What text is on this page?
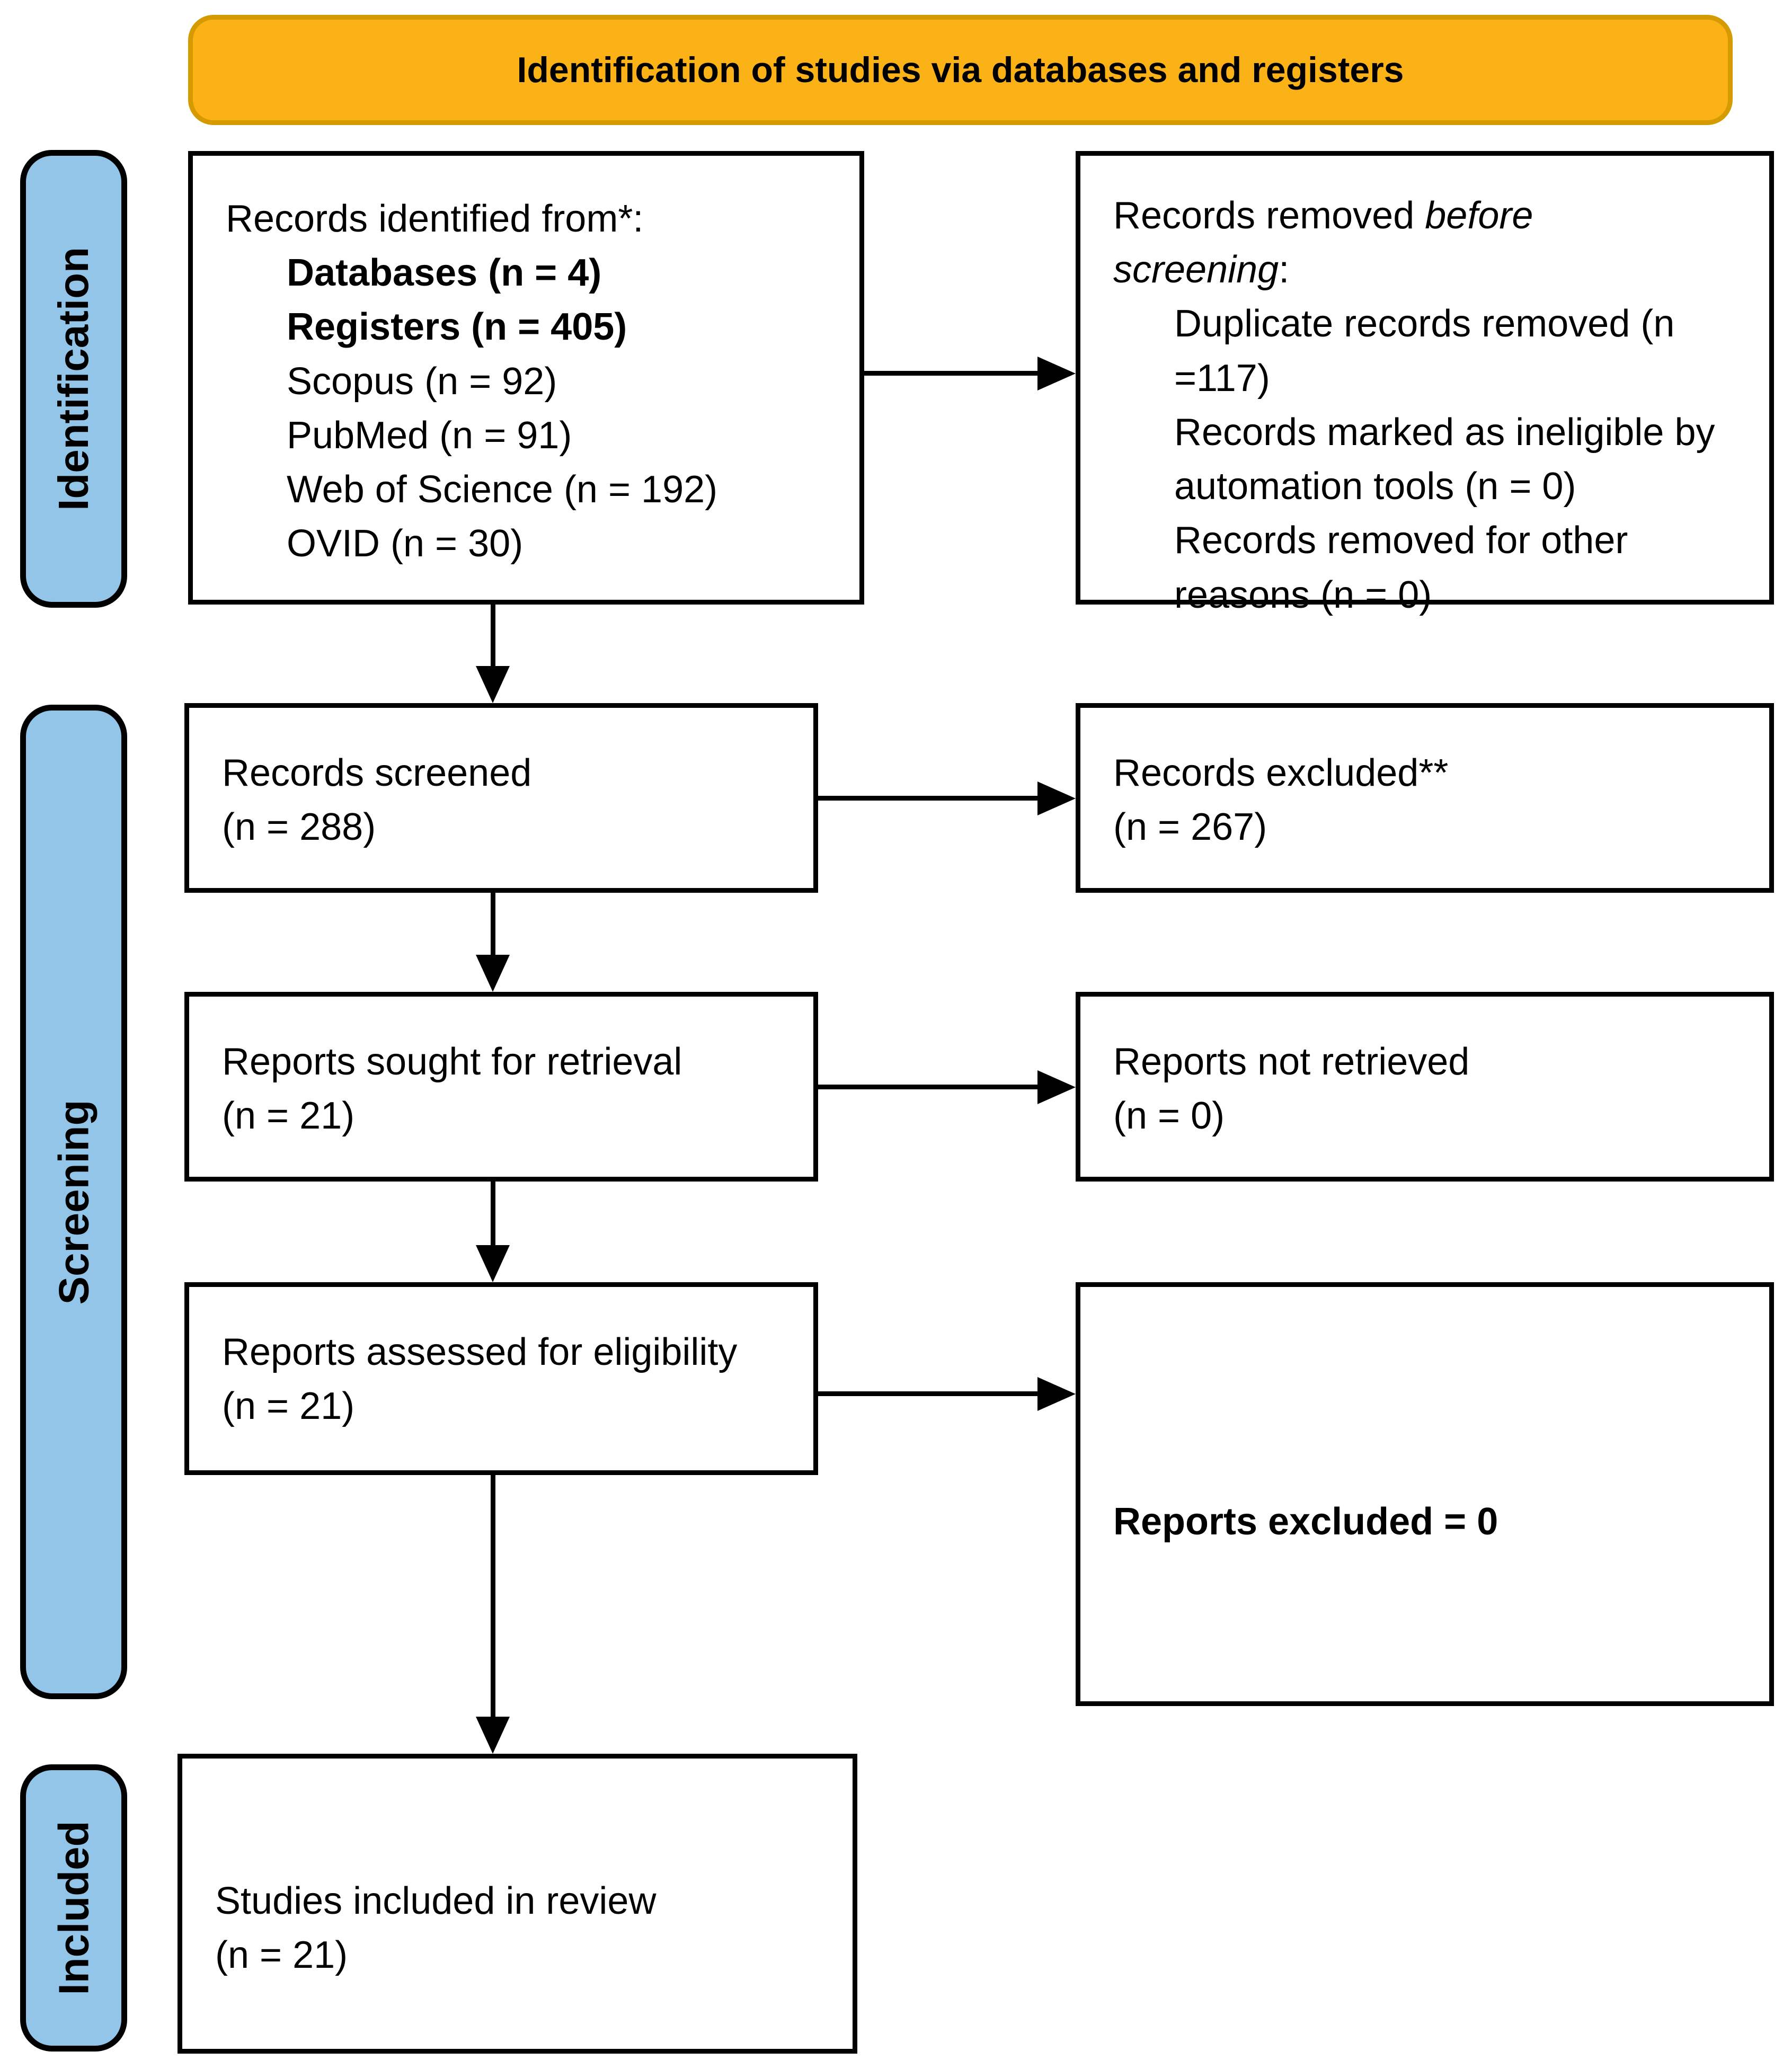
Identification of studies via databases and registers
Identification
Screening
Included
Records identified from*:
Databases (n = 4)
Registers (n = 405)
Scopus (n = 92)
PubMed (n = 91)
Web of Science (n = 192)
OVID (n = 30)
Records removed before screening:
Duplicate records removed (n =117)
Records marked as ineligible by automation tools (n = 0)
Records removed for other reasons (n = 0)
Records screened
(n = 288)
Records excluded**
(n = 267)
Reports sought for retrieval
(n = 21)
Reports not retrieved
(n = 0)
Reports assessed for eligibility
(n = 21)
Reports excluded = 0
Studies included in review
(n = 21)
